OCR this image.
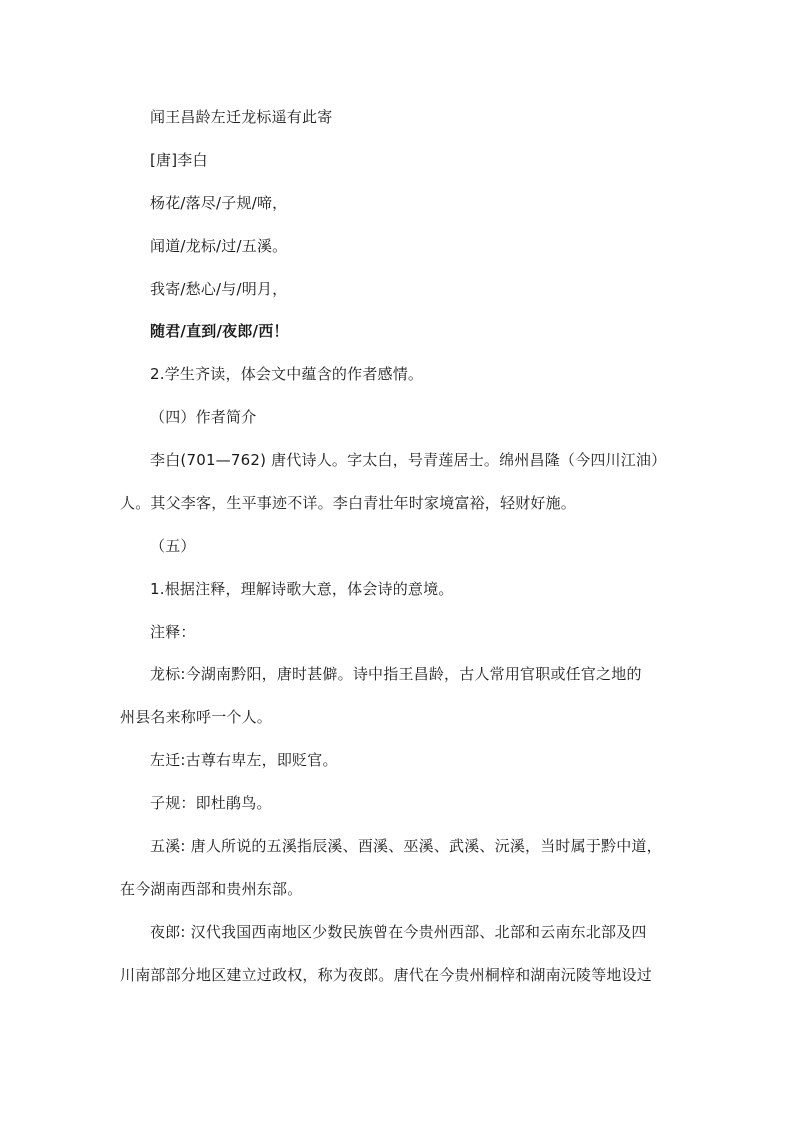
闻王昌龄左迁龙标遥有此寄
[唐]李白
杨花/落尽/子规/啼，
闻道/龙标/过/五溪。
我寄/愁心/与/明月，
随君/直到/夜郎/西！
2.学生齐读，体会文中蕴含的作者感情。
（四）作者简介
李白(701—762) 唐代诗人。字太白，号青莲居士。绵州昌隆（今四川江油）
人。其父李客，生平事迹不详。李白青壮年时家境富裕，轻财好施。
（五）
1.根据注释，理解诗歌大意，体会诗的意境。
注释：
龙标:今湖南黔阳，唐时甚僻。诗中指王昌龄，古人常用官职或任官之地的
州县名来称呼一个人。
左迁:古尊右卑左，即贬官。
子规：即杜鹃鸟。
五溪: 唐人所说的五溪指辰溪、酉溪、巫溪、武溪、沅溪，当时属于黔中道，
在今湖南西部和贵州东部。
夜郎: 汉代我国西南地区少数民族曾在今贵州西部、北部和云南东北部及四
川南部部分地区建立过政权，称为夜郎。唐代在今贵州桐梓和湖南沅陵等地设过
